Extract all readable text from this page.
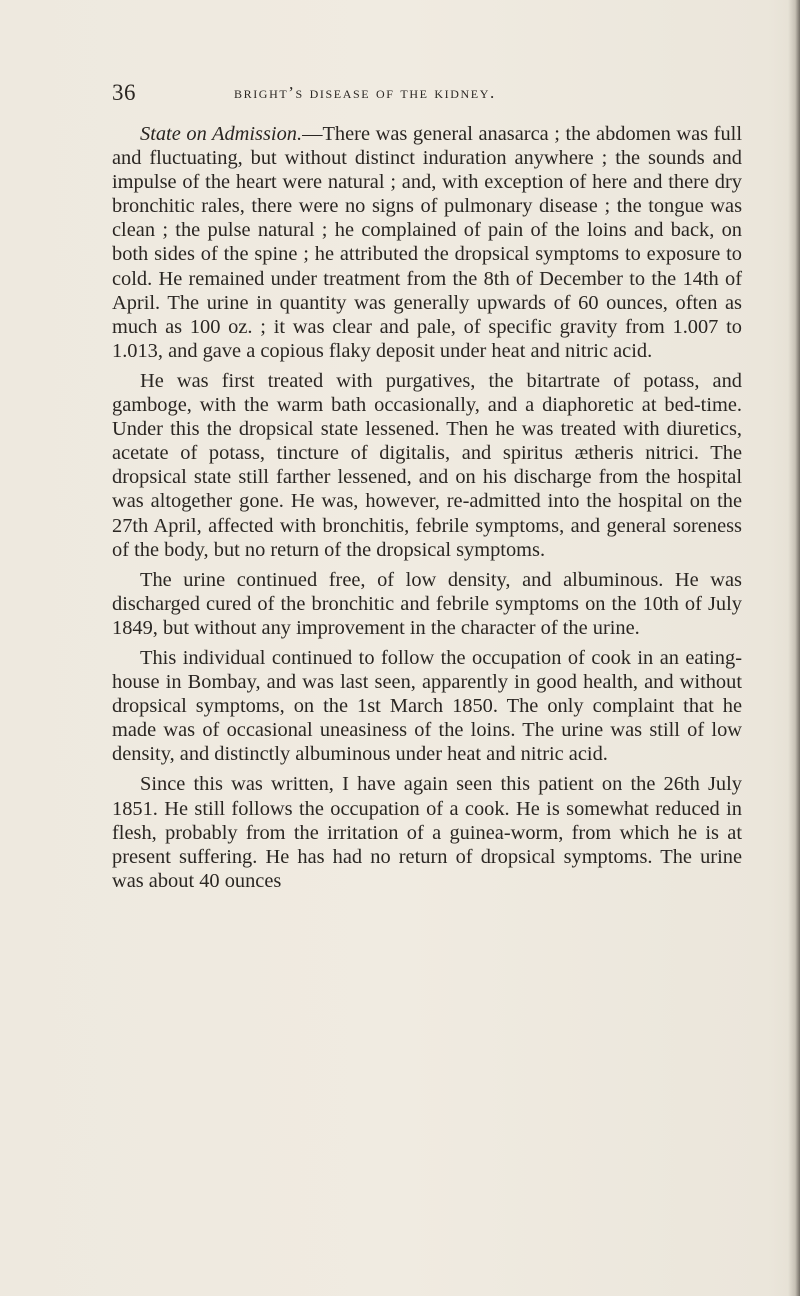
36	bright’s disease of the kidney.

State on Admission.—There was general anasarca ; the abdomen was full and fluctuating, but without distinct induration anywhere ; the sounds and impulse of the heart were natural ; and, with exception of here and there dry bronchitic rales, there were no signs of pulmonary disease ; the tongue was clean ; the pulse natural ; he complained of pain of the loins and back, on both sides of the spine ; he attributed the dropsical symptoms to exposure to cold. He remained under treatment from the 8th of December to the 14th of April. The urine in quantity was generally upwards of 60 ounces, often as much as 100 oz. ; it was clear and pale, of specific gravity from 1.007 to 1.013, and gave a copious flaky deposit under heat and nitric acid.

He was first treated with purgatives, the bitartrate of potass, and gamboge, with the warm bath occasionally, and a diaphoretic at bed-time. Under this the dropsical state lessened. Then he was treated with diuretics, acetate of potass, tincture of digitalis, and spiritus ætheris nitrici. The dropsical state still farther lessened, and on his discharge from the hospital was altogether gone. He was, however, re-admitted into the hospital on the 27th April, affected with bronchitis, febrile symptoms, and general soreness of the body, but no return of the dropsical symptoms.

The urine continued free, of low density, and albuminous. He was discharged cured of the bronchitic and febrile symptoms on the 10th of July 1849, but without any improvement in the character of the urine.

This individual continued to follow the occupation of cook in an eating-house in Bombay, and was last seen, apparently in good health, and without dropsical symptoms, on the 1st March 1850. The only complaint that he made was of occasional uneasiness of the loins. The urine was still of low density, and distinctly albuminous under heat and nitric acid.

Since this was written, I have again seen this patient on the 26th July 1851. He still follows the occupation of a cook. He is somewhat reduced in flesh, probably from the irritation of a guinea-worm, from which he is at present suffering. He has had no return of dropsical symptoms. The urine was about 40 ounces
